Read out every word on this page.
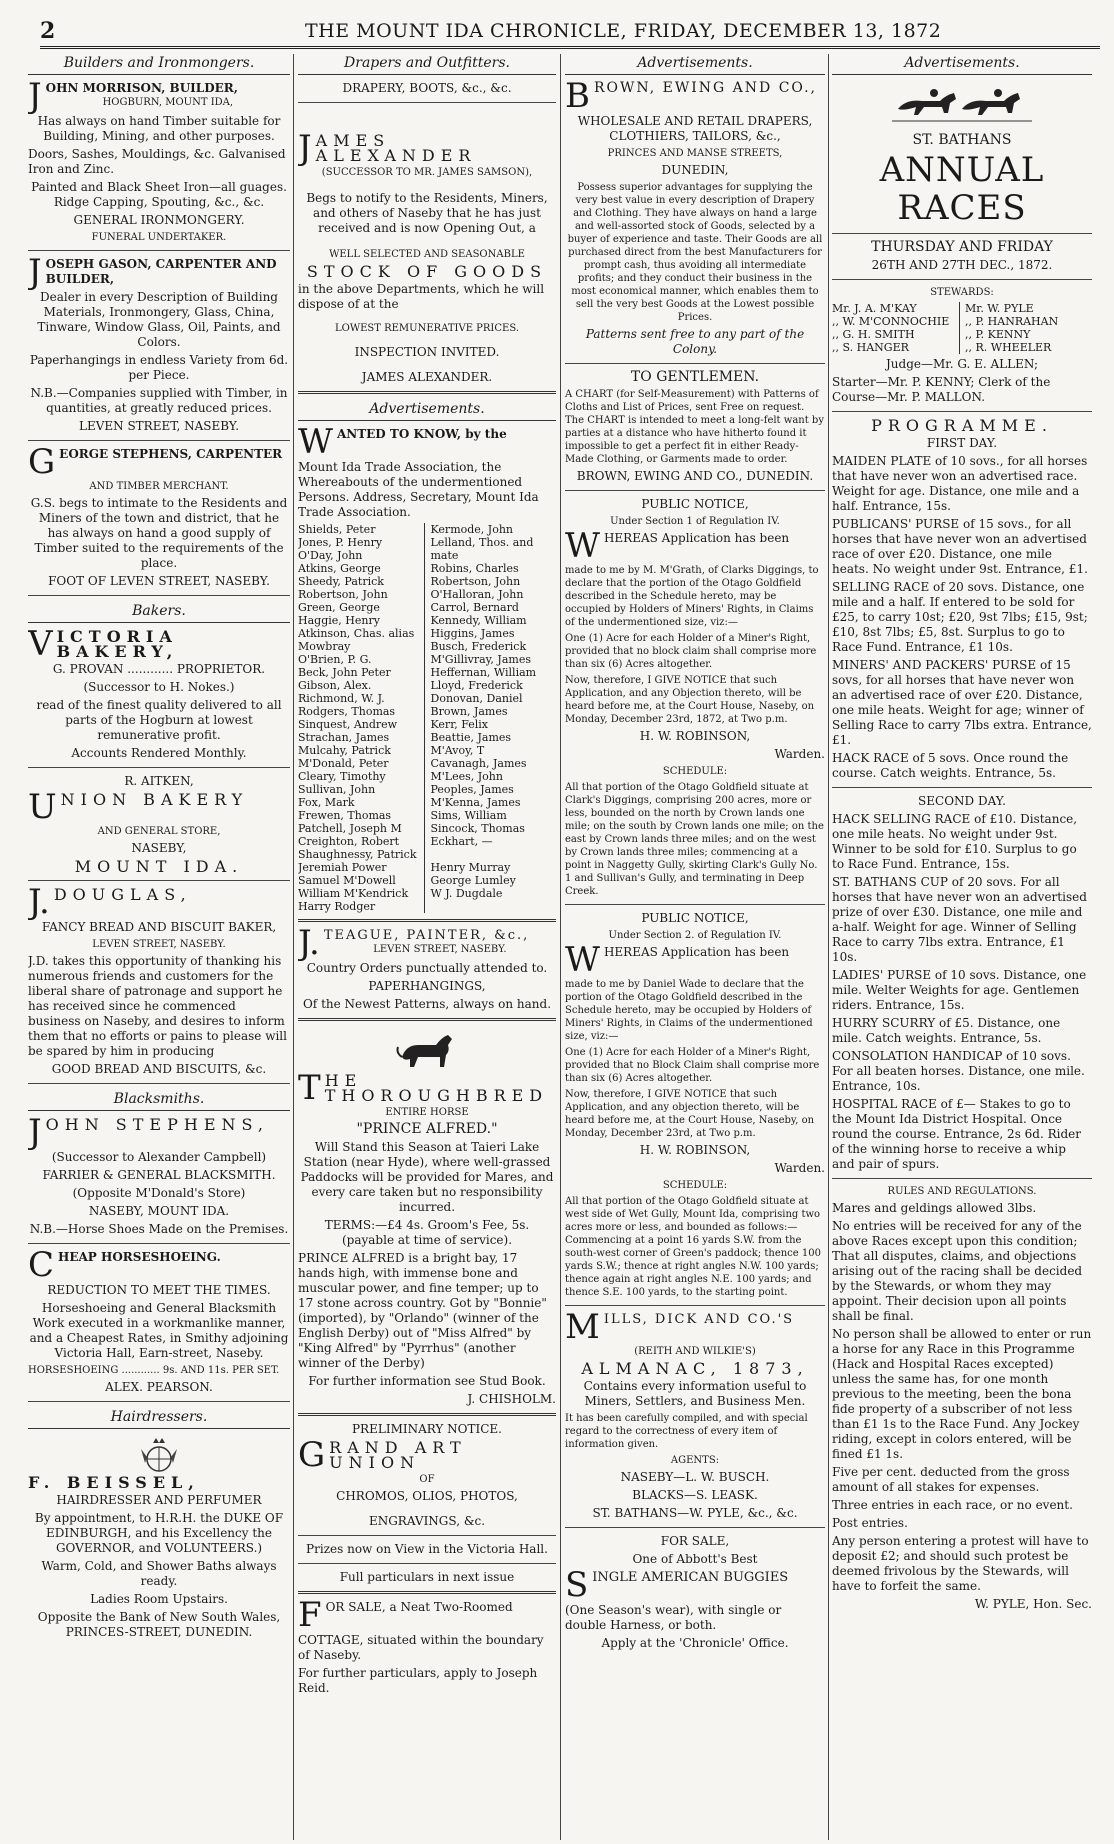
2	THE MOUNT IDA CHRONICLE, FRIDAY, DECEMBER 13, 1872
Builders and Ironmongers.
J OHN MORRISON, BUILDER,
HOGBURN, MOUNT IDA,

Has always on hand Timber suitable for Building, Mining, and other purposes.

Doors, Sashes, Mouldings, &c. Galvanised Iron and Zinc.

Painted and Black Sheet Iron—all guages. Ridge Capping, Spouting, &c., &c.

GENERAL IRONMONGERY.

FUNERAL UNDERTAKER.

J OSEPH GASON, CARPENTER AND BUILDER,

Dealer in every Description of Building Materials, Ironmongery, Glass, China, Tinware, Window Glass, Oil, Paints, and Colors.

Paperhangings in endless Variety from 6d. per Piece.

N.B.—Companies supplied with Timber, in quantities, at greatly reduced prices.

LEVEN STREET, NASEBY.

G EORGE STEPHENS, CARPENTER

AND TIMBER MERCHANT.

G.S. begs to intimate to the Residents and Miners of the town and district, that he has always on hand a good supply of Timber suited to the requirements of the place.

FOOT OF LEVEN STREET, NASEBY.

Bakers.
V ICTORIA BAKERY,

G. PROVAN ............ PROPRIETOR.

(Successor to H. Nokes.)

read of the finest quality delivered to all parts of the Hogburn at lowest remunerative profit.

Accounts Rendered Monthly.

R. AITKEN,

U NION BAKERY

AND GENERAL STORE,

NASEBY,

MOUNT IDA.

J. DOUGLAS,

FANCY BREAD AND BISCUIT BAKER,

LEVEN STREET, NASEBY.

J.D. takes this opportunity of thanking his numerous friends and customers for the liberal share of patronage and support he has received since he commenced business on Naseby, and desires to inform them that no efforts or pains to please will be spared by him in producing

GOOD BREAD AND BISCUITS, &c.

Blacksmiths.
J OHN STEPHENS,

(Successor to Alexander Campbell)

FARRIER & GENERAL BLACKSMITH.

(Opposite M'Donald's Store)

NASEBY, MOUNT IDA.

N.B.—Horse Shoes Made on the Premises.

C HEAP HORSESHOEING.

REDUCTION TO MEET THE TIMES.

Horseshoeing and General Blacksmith Work executed in a workmanlike manner, and a Cheapest Rates, in Smithy adjoining Victoria Hall, Earn-street, Naseby.

HORSESHOEING ............ 9s. AND 11s. PER SET.

ALEX. PEARSON.

Hairdressers.
F. BEISSEL,

HAIRDRESSER AND PERFUMER

By appointment, to H.R.H. the DUKE OF EDINBURGH, and his Excellency the GOVERNOR, and VOLUNTEERS.)

Warm, Cold, and Shower Baths always ready.

Ladies Room Upstairs.

Opposite the Bank of New South Wales, PRINCES-STREET, DUNEDIN.

Drapers and Outfitters.

DRAPERY, BOOTS, &c., &c.

J AMES ALEXANDER

(SUCCESSOR TO MR. JAMES SAMSON),

Begs to notify to the Residents, Miners, and others of Naseby that he has just received and is now Opening Out, a

WELL SELECTED AND SEASONABLE

STOCK OF GOODS

in the above Departments, which he will dispose of at the

LOWEST REMUNERATIVE PRICES.

INSPECTION INVITED.

JAMES ALEXANDER.

Advertisements.
W ANTED TO KNOW, by the

Mount Ida Trade Association, the Whereabouts of the undermentioned Persons. Address, Secretary, Mount Ida Trade Association.

Shields, Peter
Jones, P. Henry
O'Day, John
Atkins, George
Sheedy, Patrick
Robertson, John
Green, George
Haggie, Henry
Atkinson, Chas. alias Mowbray
O'Brien, P. G.
Beck, John Peter
Gibson, Alex.
Richmond, W. J.
Rodgers, Thomas
Sinquest, Andrew
Strachan, James
Mulcahy, Patrick
M'Donald, Peter
Cleary, Timothy
Sullivan, John
Fox, Mark
Frewen, Thomas
Patchell, Joseph M
Creighton, Robert
Shaughnessy, Patrick
Jeremiah Power
Samuel M'Dowell
William M'Kendrick
Harry Rodger
Kermode, John
Lelland, Thos. and mate
Robins, Charles
Robertson, John
O'Halloran, John
Carrol, Bernard
Kennedy, William
Higgins, James
Busch, Frederick
M'Gillivray, James
Heffernan, William
Lloyd, Frederick
Donovan, Daniel
Brown, James
Kerr, Felix
Beattie, James
M'Avoy, T
Cavanagh, James
M'Lees, John
Peoples, James
M'Kenna, James
Sims, William
Sincock, Thomas
Eckhart, —

Henry Murray
George Lumley
W J. Dugdale

J. TEAGUE, PAINTER, &c.,
LEVEN STREET, NASEBY.

Country Orders punctually attended to.

PAPERHANGINGS,

Of the Newest Patterns, always on hand.

T HE THOROUGHBRED

ENTIRE HORSE

"PRINCE ALFRED."

Will Stand this Season at Taieri Lake Station (near Hyde), where well-grassed Paddocks will be provided for Mares, and every care taken but no responsibility incurred.

TERMS:—£4 4s. Groom's Fee, 5s. (payable at time of service).

PRINCE ALFRED is a bright bay, 17 hands high, with immense bone and muscular power, and fine temper; up to 17 stone across country. Got by "Bonnie" (imported), by "Orlando" (winner of the English Derby) out of "Miss Alfred" by "King Alfred" by "Pyrrhus" (another winner of the Derby)

For further information see Stud Book.

J. CHISHOLM.

PRELIMINARY NOTICE.

G RAND ART UNION

OF

CHROMOS, OLIOS, PHOTOS,

ENGRAVINGS, &c.

Prizes now on View in the Victoria Hall.

Full particulars in next issue

F OR SALE, a Neat Two-Roomed

COTTAGE, situated within the boundary of Naseby.

For further particulars, apply to Joseph Reid.

Advertisements.
B ROWN, EWING AND CO.,

WHOLESALE AND RETAIL DRAPERS, CLOTHIERS, TAILORS, &c.,

PRINCES AND MANSE STREETS,

DUNEDIN,

Possess superior advantages for supplying the very best value in every description of Drapery and Clothing. They have always on hand a large and well-assorted stock of Goods, selected by a buyer of experience and taste. Their Goods are all purchased direct from the best Manufacturers for prompt cash, thus avoiding all intermediate profits; and they conduct their business in the most economical manner, which enables them to sell the very best Goods at the Lowest possible Prices.

Patterns sent free to any part of the Colony.

TO GENTLEMEN.

A CHART (for Self-Measurement) with Patterns of Cloths and List of Prices, sent Free on request. The CHART is intended to meet a long-felt want by parties at a distance who have hitherto found it impossible to get a perfect fit in either Ready-Made Clothing, or Garments made to order.

BROWN, EWING AND CO., DUNEDIN.

PUBLIC NOTICE,

Under Section 1 of Regulation IV.

W HEREAS Application has been

made to me by M. M'Grath, of Clarks Diggings, to declare that the portion of the Otago Goldfield described in the Schedule hereto, may be occupied by Holders of Miners' Rights, in Claims of the undermentioned size, viz:—

One (1) Acre for each Holder of a Miner's Right, provided that no block claim shall comprise more than six (6) Acres altogether.

Now, therefore, I GIVE NOTICE that such Application, and any Objection thereto, will be heard before me, at the Court House, Naseby, on Monday, December 23rd, 1872, at Two p.m.

H. W. ROBINSON,

Warden.

SCHEDULE:

All that portion of the Otago Goldfield situate at Clark's Diggings, comprising 200 acres, more or less, bounded on the north by Crown lands one mile; on the south by Crown lands one mile; on the east by Crown lands three miles; and on the west by Crown lands three miles; commencing at a point in Naggetty Gully, skirting Clark's Gully No. 1 and Sullivan's Gully, and terminating in Deep Creek.

PUBLIC NOTICE,

Under Section 2. of Regulation IV.

W HEREAS Application has been

made to me by Daniel Wade to declare that the portion of the Otago Goldfield described in the Schedule hereto, may be occupied by Holders of Miners' Rights, in Claims of the undermentioned size, viz:—

One (1) Acre for each Holder of a Miner's Right, provided that no Block Claim shall comprise more than six (6) Acres altogether.

Now, therefore, I GIVE NOTICE that such Application, and any objection thereto, will be heard before me, at the Court House, Naseby, on Monday, December 23rd, at Two p.m.

H. W. ROBINSON,

Warden.

SCHEDULE:

All that portion of the Otago Goldfield situate at west side of Wet Gully, Mount Ida, comprising two acres more or less, and bounded as follows:—Commencing at a point 16 yards S.W. from the south-west corner of Green's paddock; thence 100 yards S.W.; thence at right angles N.W. 100 yards; thence again at right angles N.E. 100 yards; and thence S.E. 100 yards, to the starting point.

M ILLS, DICK AND CO.'S

(REITH AND WILKIE'S)

ALMANAC, 1873,

Contains every information useful to Miners, Settlers, and Business Men.

It has been carefully compiled, and with special regard to the correctness of every item of information given.

AGENTS:

NASEBY—L. W. BUSCH.

BLACKS—S. LEASK.

ST. BATHANS—W. PYLE, &c., &c.

FOR SALE,

One of Abbott's Best

S INGLE AMERICAN BUGGIES

(One Season's wear), with single or double Harness, or both.

Apply at the 'Chronicle' Office.

Advertisements.

ST. BATHANS

ANNUAL RACES

THURSDAY AND FRIDAY

26TH AND 27TH DEC., 1872.

STEWARDS:

Mr. J. A. M'KAY
,, W. M'CONNOCHIE
,, G. H. SMITH
,, S. HANGER
Mr. W. PYLE
,, P. HANRAHAN
,, P. KENNY
,, R. WHEELER

Judge—Mr. G. E. ALLEN;

Starter—Mr. P. KENNY; Clerk of the Course—Mr. P. MALLON.

PROGRAMME.

FIRST DAY.

MAIDEN PLATE of 10 sovs., for all horses that have never won an advertised race. Weight for age. Distance, one mile and a half. Entrance, 15s.

PUBLICANS' PURSE of 15 sovs., for all horses that have never won an advertised race of over £20. Distance, one mile heats. No weight under 9st. Entrance, £1.

SELLING RACE of 20 sovs. Distance, one mile and a half. If entered to be sold for £25, to carry 10st; £20, 9st 7lbs; £15, 9st; £10, 8st 7lbs; £5, 8st. Surplus to go to Race Fund. Entrance, £1 10s.

MINERS' AND PACKERS' PURSE of 15 sovs, for all horses that have never won an advertised race of over £20. Distance, one mile heats. Weight for age; winner of Selling Race to carry 7lbs extra. Entrance, £1.

HACK RACE of 5 sovs. Once round the course. Catch weights. Entrance, 5s.

SECOND DAY.

HACK SELLING RACE of £10. Distance, one mile heats. No weight under 9st. Winner to be sold for £10. Surplus to go to Race Fund. Entrance, 15s.

ST. BATHANS CUP of 20 sovs. For all horses that have never won an advertised prize of over £30. Distance, one mile and a-half. Weight for age. Winner of Selling Race to carry 7lbs extra. Entrance, £1 10s.

LADIES' PURSE of 10 sovs. Distance, one mile. Welter Weights for age. Gentlemen riders. Entrance, 15s.

HURRY SCURRY of £5. Distance, one mile. Catch weights. Entrance, 5s.

CONSOLATION HANDICAP of 10 sovs. For all beaten horses. Distance, one mile. Entrance, 10s.

HOSPITAL RACE of £— Stakes to go to the Mount Ida District Hospital. Once round the course. Entrance, 2s 6d. Rider of the winning horse to receive a whip and pair of spurs.

RULES AND REGULATIONS.

Mares and geldings allowed 3lbs.

No entries will be received for any of the above Races except upon this condition; That all disputes, claims, and objections arising out of the racing shall be decided by the Stewards, or whom they may appoint. Their decision upon all points shall be final.

No person shall be allowed to enter or run a horse for any Race in this Programme (Hack and Hospital Races excepted) unless the same has, for one month previous to the meeting, been the bona fide property of a subscriber of not less than £1 1s to the Race Fund. Any Jockey riding, except in colors entered, will be fined £1 1s.

Five per cent. deducted from the gross amount of all stakes for expenses.

Three entries in each race, or no event.

Post entries.

Any person entering a protest will have to deposit £2; and should such protest be deemed frivolous by the Stewards, will have to forfeit the same.

W. PYLE, Hon. Sec.
